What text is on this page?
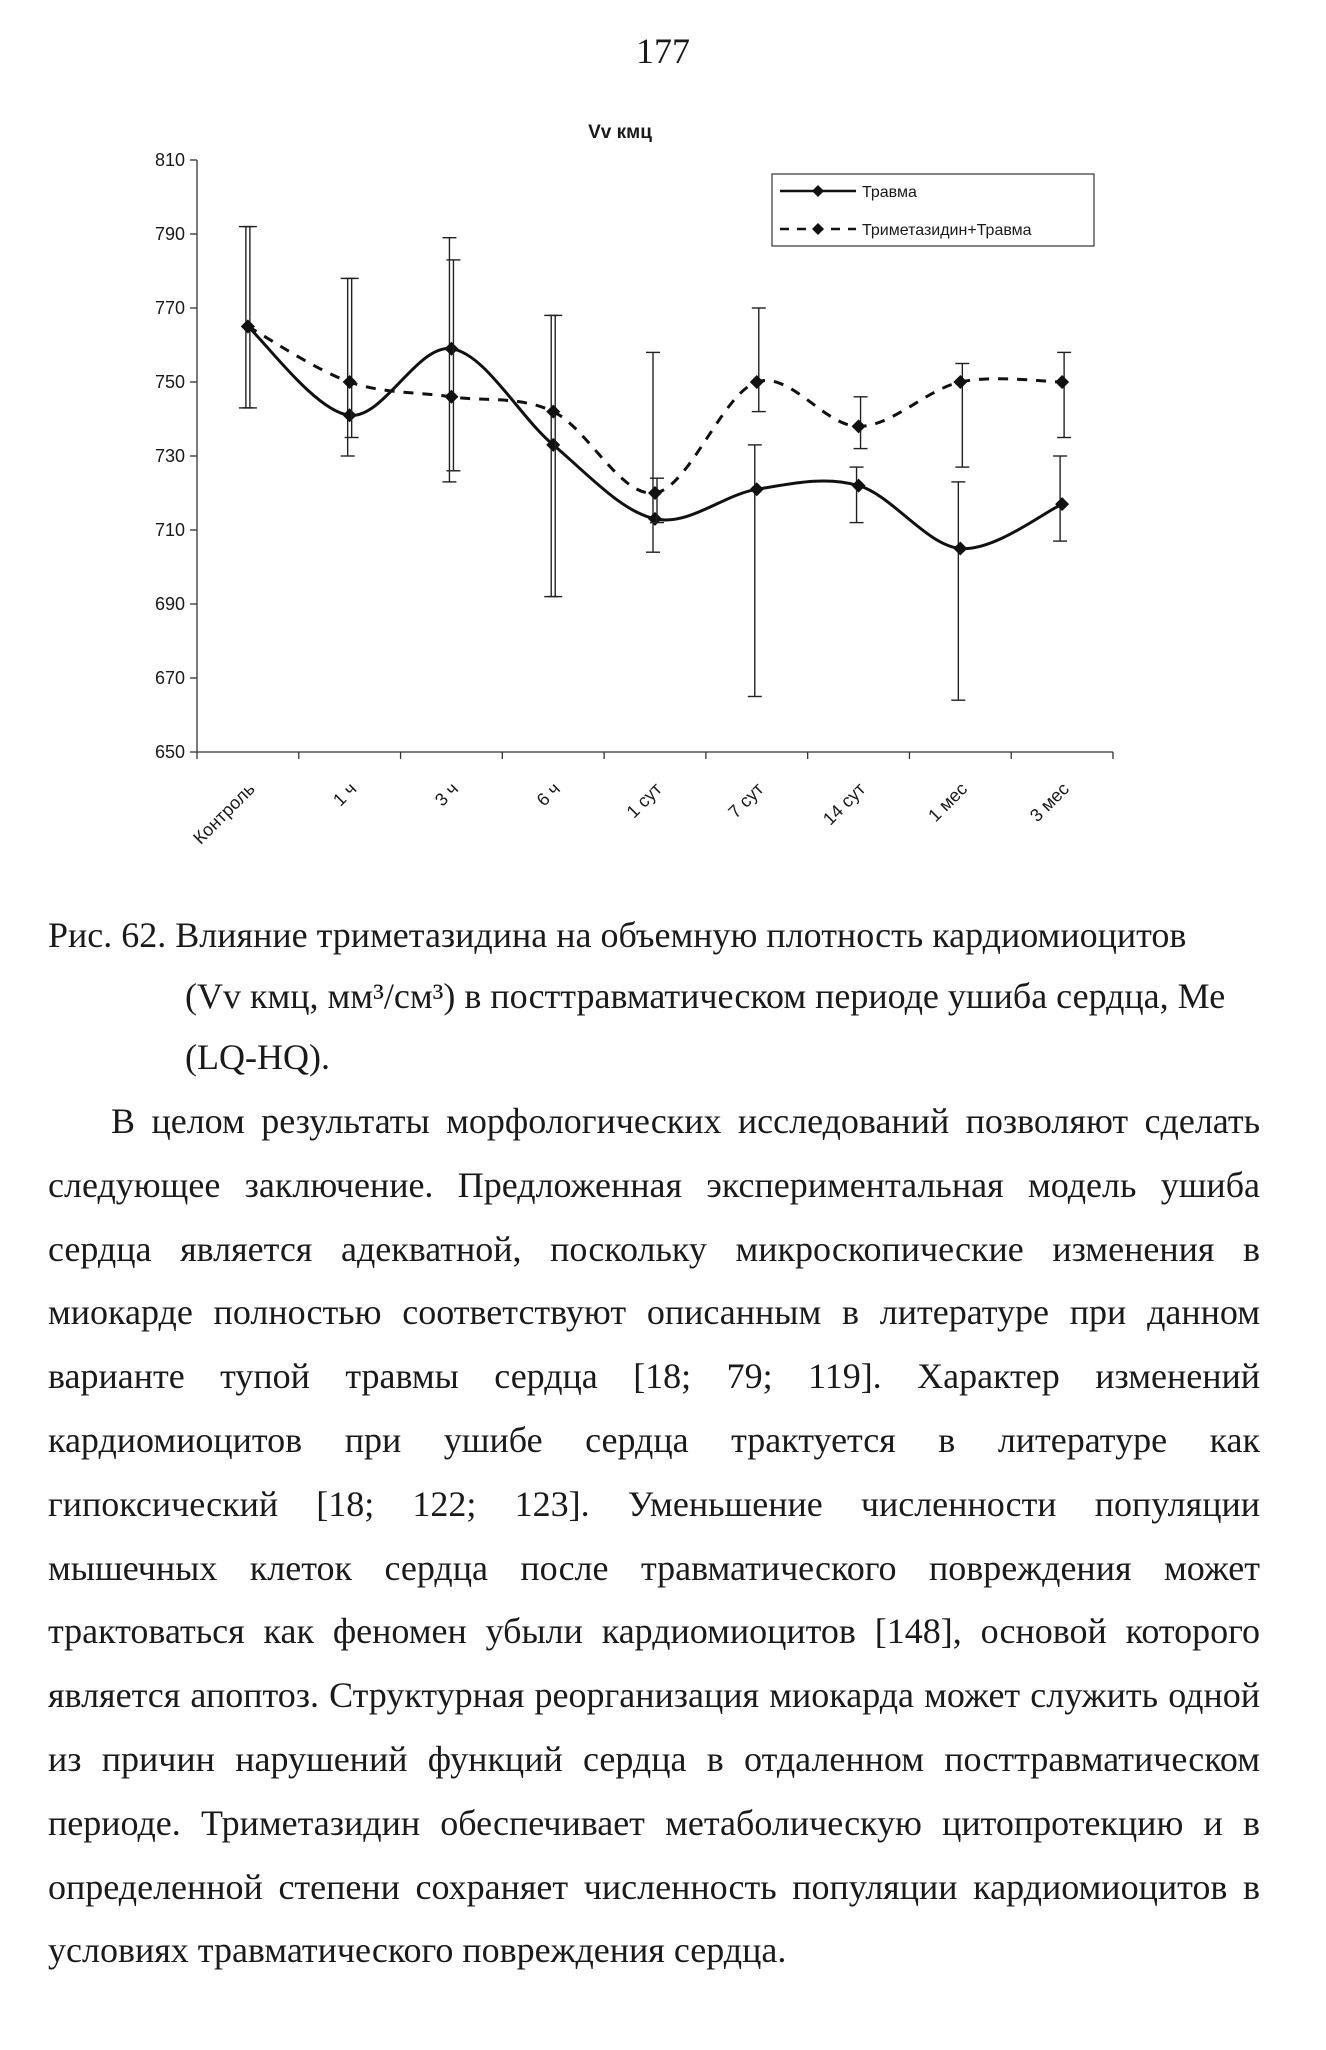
177
Vv кмц
650
670
690
710
730
750
770
790
810
Контроль	1 ч	3 ч	6 ч	1 сут	7 сут	14 сут	1 мес	3 мес
Травма
Триметазидин+Травма
Рис. 62. Влияние триметазидина на объемную плотность кардиомиоцитов
(Vv кмц, мм³/см³) в посттравматическом периоде ушиба сердца, Ме
(LQ-HQ).

В целом результаты морфологических исследований позволяют сделать следующее заключение. Предложенная экспериментальная модель ушиба сердца является адекватной, поскольку микроскопические изменения в миокарде полностью соответствуют описанным в литературе при данном варианте тупой травмы сердца [18; 79; 119]. Характер изменений кардиомиоцитов при ушибе сердца трактуется в литературе как гипоксический [18; 122; 123]. Уменьшение численности популяции мышечных клеток сердца после травматического повреждения может трактоваться как феномен убыли кардиомиоцитов [148], основой которого является апоптоз. Структурная реорганизация миокарда может служить одной из причин нарушений функций сердца в отдаленном посттравматическом периоде. Триметазидин обеспечивает метаболическую цитопротекцию и в определенной степени сохраняет численность популяции кардиомиоцитов в условиях травматического повреждения сердца.
